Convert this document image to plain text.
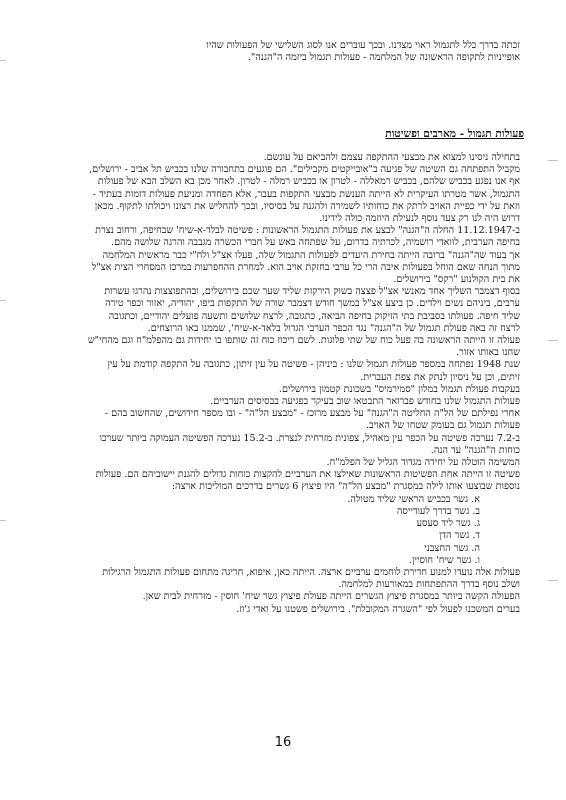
זכתה בדרך כלל לתגמול ראוי מצדנו. ובכך עוברים אנו לסוג השלישי של הפעולות שהיו

אופייניות לתקופה הראשונה של המלחמה - פעולות תגמול ביזמה ה"הגנה".

פעולות תגמול - מארבים ופשיטות

בתחילה ניסינו למצוא את מבצעי ההתקפה עצמם ולהביאם על עונשם.

מקביל התפתחה גם השיטה של פגיעה ב"אובייקטים מקבילים". הם פוגעים בתחבורה שלנו בכביש תל אביב - ירושלים, אף אנו נפגע בכביש שלהם, בכביש רמאללה - לטרון או בכביש רמלה - לטרון. לאחר מכן בא השלב הבא של פעולות התגמול, אשר מטרתו העיקרית לא הייתה הענשת מבצעי התקפות בעבר, אלא הפחדה ומניעת פעולות דומות בעתיד - וזאת על ידי כפיית האויב לרתק את כוחותיו לשמירה ולהגנה על בסיסיו, ובכך להחליש את רצונו ויכולתו לתקוף. מכאן דרוש היה לנו רק צעד נוסף לנעילת היוזמה כולה לידינו.

ב-11.12.1947 החלה ה"הגנה" לבצע את פעולות התגמול הראשונות : פשיטה לבלד-א-שיח' שבחיפה, ורחוב נצרת בחיפה הערבית, לוואדי רושמיה, לכרתיה בדרום, על שפתחה באש על חברי הכשרה מגבבה והרגה שלושה מהם.

אך בעוד שה"הגנה" ברובה הייתה בחירת היעדים לפעולות התגמול שלה, פעלו אצ"ל ולח"י כבר מראשית המלחמה מתוך הנחה שאם הוחל בפעולות איבה הרי כל ערבי בחזקת אויב הוא. למחרת ההחפרעות במרכז המסחרי הצית אצ"ל את בית הקולנוע "רקס" בירושלים.

בסוף דצמבר השליך אחד מאנשי אצ"ל פצצה בשוק הירקות שליד שער שכם בירושלים, ובהתפוצצות נהרגו עשרות ערבים, ביניהם נשים וילדים. כן ביצע אצ"ל במשך חודש דצמבר שורה של התקפות ביפו, יהודיה, יאזור וכפר טירה שליד חיפה. פעולתו בסביבת בתי הזיקוק בחיפה הביאה, כתגובה, לרצח שלושים ותשעה פועלים יהודיים, וכתגובה לרצח זה באה פעולת תגמול של ה"הגנה" נגד הכפר הערבי הגדול בלאד-א-שיח', שממנו באו הרוצחים.

פעולה זו הייתה הראשונה בה פעל כוח של שתי פלוגות. לשם ריכוז כוח זה שותפו בו יחידות גם מהפלמ"ח וגם מהחי"ש שחנו באותו אזור.

שנת 1948 נפתחה במספר פעולות תגמול שלנו : ביניהן - פשיטה על עין זיתון, כתגובה על התקפה קודמת על עין זיתים, וכן על ניסיון לנתק את צפת העברית.

בעקבות פעולת תגמול במלון "סמירמיס" בשכונת קטמון בירושלים.

פעולות התגמול שלנו בחודש פברואר התבטאו שוב בעיקר בפגיעה בבסיסים הערביים.

אחרי נפילתם של הל"ה החליטה ה"הגנה" על מבצע מרוכז - "מבצע הל"ה" - ובו מספר חידושים, שהחשוב בהם - פעולות תגמול גם בעומק שטחו של האויב.

ב-7.2 נערכה פשיטה על הכפר עין מאהיל, צפונית מזרחית לנצרת. ב-15.2 נערכה הפשיטה העמוקה ביותר שערכו כוחות ה"הגנה" עד הנה.

המשימה הוטלה על יחידה מגדוד הגליל של הפלמ"ח.

פשיטה זו הייתה אחת הפשיטות הראשונות שאילצו את הערביים להקצות כוחות גדולים להגנת יישוביהם הם. פעולות נוספות שבוצעו אותו לילה במסגרת "מבצע הל"ה" היו פיצוץ 6 גשרים בדרכים המוליכות ארצה:

א. גשר בכביש הראשי שליד מטולה.
ב. גשר בדרך לעודייסה
ג. גשר ליד סעסע
ד. גשר הדן
ה. גשר החצבני
ו. גשר שיח' חוסיין.

פעולות אלה נועדו למנוע חדירת לוחמים ערביים ארצה. הייתה כאן, איפוא, חריגה מתחום פעולות התגמול הרגילות ושלב נוסף בדרך ההתפתחות במאורעות למלחמה.

הפעולה הקשה ביותר במסגרת פיצוץ הגשרים הייתה פעולת פיצוץ גשר שיח' חוסין - מזרחית לבית שאן.

בערים המשכנו לפעול לפי "השגרה המקובלת". בירושלים פשטנו על ואדי ג'וז.

16
